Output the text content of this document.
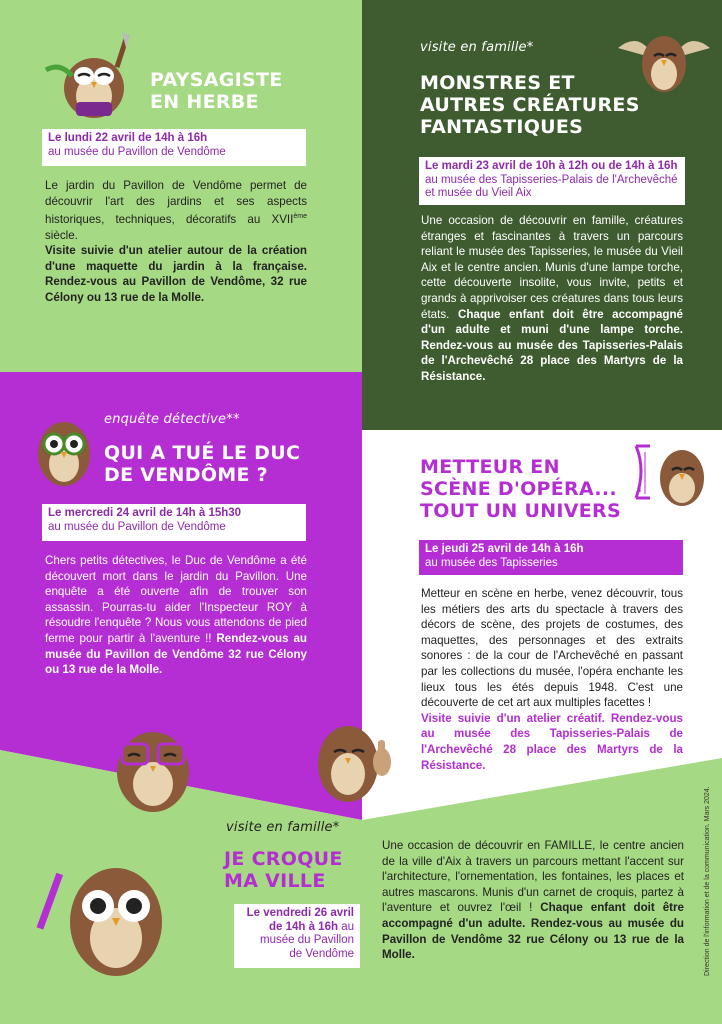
PAYSAGISTE
EN HERBE
Le lundi 22 avril de 14h à 16h
au musée du Pavillon de Vendôme

Le jardin du Pavillon de Vendôme permet de découvrir l'art des jardins et ses aspects historiques, techniques, décoratifs au XVIIème siècle.
Visite suivie d'un atelier autour de la création d'une maquette du jardin à la française. Rendez-vous au Pavillon de Vendôme, 32 rue Célony ou 13 rue de la Molle.

visite en famille*
MONSTRES ET
AUTRES CRÉATURES
FANTASTIQUES
Le mardi 23 avril de 10h à 12h ou de 14h à 16h au musée des Tapisseries-Palais de l'Archevêché et musée du Vieil Aix

Une occasion de découvrir en famille, créatures étranges et fascinantes à travers un parcours reliant le musée des Tapisseries, le musée du Vieil Aix et le centre ancien. Munis d'une lampe torche, cette découverte insolite, vous invite, petits et grands à apprivoiser ces créatures dans tous leurs états. Chaque enfant doit être accompagné d'un adulte et muni d'une lampe torche. Rendez-vous au musée des Tapisseries-Palais de l'Archevêché 28 place des Martyrs de la Résistance.

enquête détective**
QUI A TUÉ LE DUC
DE VENDÔME ?
Le mercredi 24 avril de 14h à 15h30
au musée du Pavillon de Vendôme

Chers petits détectives, le Duc de Vendôme a été découvert mort dans le jardin du Pavillon. Une enquête a été ouverte afin de trouver son assassin. Pourras-tu aider l'Inspecteur ROY à résoudre l'enquête ? Nous vous attendons de pied ferme pour partir à l'aventure !! Rendez-vous au musée du Pavillon de Vendôme 32 rue Célony ou 13 rue de la Molle.

METTEUR EN
SCÈNE D'OPÉRA...
TOUT UN UNIVERS
Le jeudi 25 avril de 14h à 16h
au musée des Tapisseries

Metteur en scène en herbe, venez découvrir, tous les métiers des arts du spectacle à travers des décors de scène, des projets de costumes, des maquettes, des personnages et des extraits sonores : de la cour de l'Archevêché en passant par les collections du musée, l'opéra enchante les lieux tous les étés depuis 1948. C'est une découverte de cet art aux multiples facettes !
Visite suivie d'un atelier créatif. Rendez-vous au musée des Tapisseries-Palais de l'Archevêché 28 place des Martyrs de la Résistance.

visite en famille*
JE CROQUE
MA VILLE
Le vendredi 26 avril
de 14h à 16h au
musée du Pavillon
de Vendôme

Une occasion de découvrir en FAMILLE, le centre ancien de la ville d'Aix à travers un parcours mettant l'accent sur l'architecture, l'ornementation, les fontaines, les places et autres mascarons. Munis d'un carnet de croquis, partez à l'aventure et ouvrez l'œil ! Chaque enfant doit être accompagné d'un adulte. Rendez-vous au musée du Pavillon de Vendôme 32 rue Célony ou 13 rue de la Molle.	Direction de l'information et de la communication. Mars 2024.
